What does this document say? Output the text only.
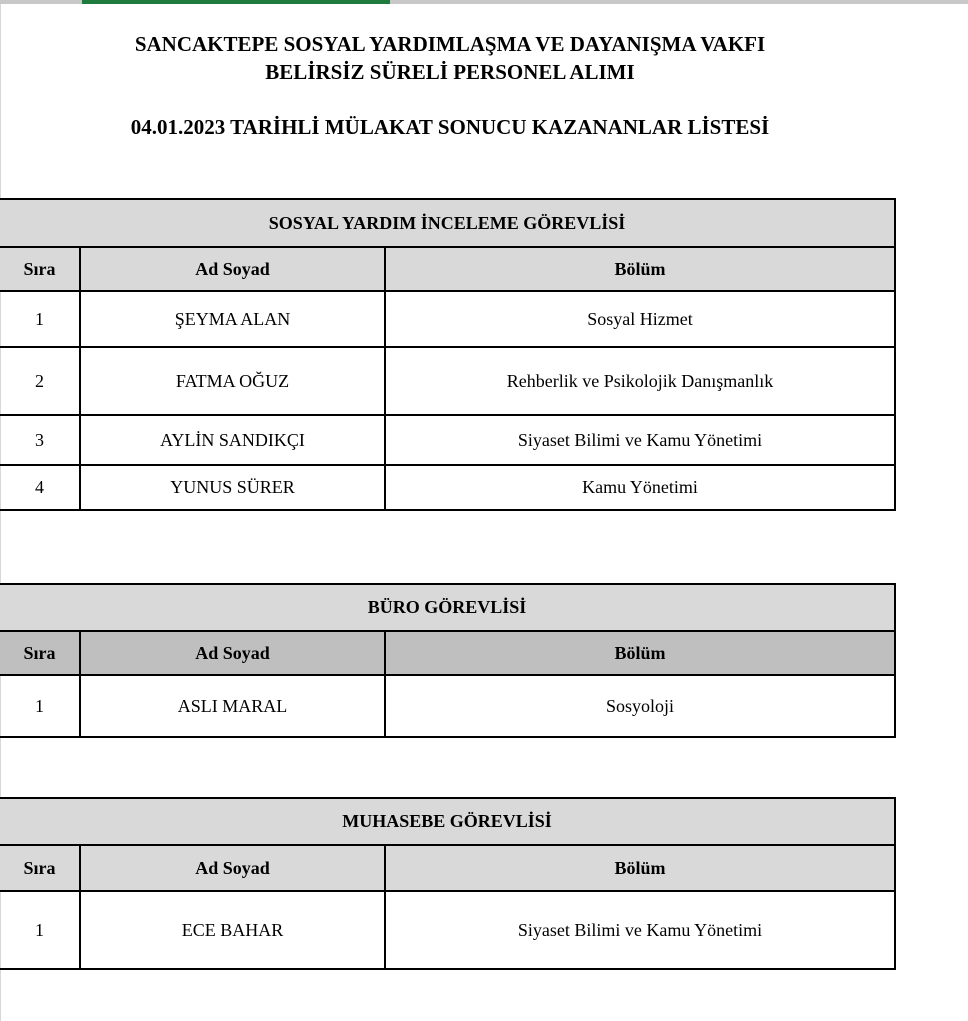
SANCAKTEPE SOSYAL YARDIMLAŞMA VE DAYANIŞMA VAKFI
BELİRSİZ SÜRELİ PERSONEL ALIMI
04.01.2023 TARİHLİ MÜLAKAT SONUCU KAZANANLAR LİSTESİ
SOSYAL YARDIM İNCELEME GÖREVLİSİ		
Sıra	Ad Soyad	Bölüm
1	ŞEYMA ALAN	Sosyal Hizmet
2	FATMA OĞUZ	Rehberlik ve Psikolojik Danışmanlık
3	AYLİN SANDIKÇI	Siyaset Bilimi ve Kamu Yönetimi
4	YUNUS SÜRER	Kamu Yönetimi
BÜRO GÖREVLİSİ		
Sıra	Ad Soyad	Bölüm
1	ASLI MARAL	Sosyoloji
MUHASEBE GÖREVLİSİ		
Sıra	Ad Soyad	Bölüm
1	ECE BAHAR	Siyaset Bilimi ve Kamu Yönetimi
